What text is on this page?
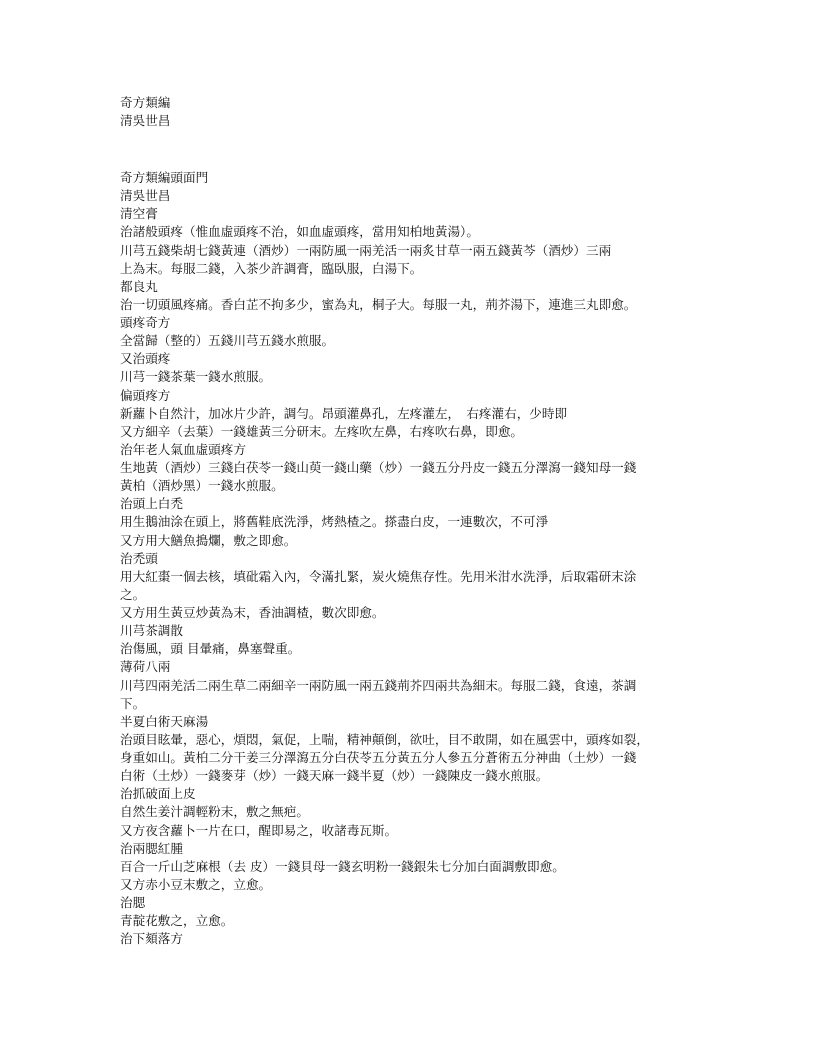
奇方類編
清吳世昌
奇方類編頭面門
清吳世昌
清空膏
治諸般頭疼（惟血虛頭疼不治，如血虛頭疼，當用知柏地黃湯）。
川芎五錢柴胡七錢黃連（酒炒）一兩防風一兩羌活一兩炙甘草一兩五錢黃芩（酒炒）三兩
上為末。每服二錢，入茶少許調膏，臨臥服，白湯下。
都良丸
治一切頭風疼痛。香白芷不拘多少，蜜為丸，桐子大。每服一丸，荊芥湯下，連進三丸即愈。
頭疼奇方
全當歸（整的）五錢川芎五錢水煎服。
又治頭疼
川芎一錢茶葉一錢水煎服。
偏頭疼方
新蘿卜自然汁，加冰片少許，調勻。昂頭灌鼻孔，左疼灌左，　右疼灌右，少時即
又方細辛（去葉）一錢雄黃三分研末。左疼吹左鼻，右疼吹右鼻，即愈。
治年老人氣血虛頭疼方
生地黃（酒炒）三錢白茯苓一錢山萸一錢山藥（炒）一錢五分丹皮一錢五分澤瀉一錢知母一錢
黃柏（酒炒黑）一錢水煎服。
治頭上白禿
用生鵝油涂在頭上，將舊鞋底洗淨，烤熱楂之。搽盡白皮，一連數次，不可淨
又方用大鱔魚搗爛，敷之即愈。
治禿頭
用大紅棗一個去核，填砒霜入內，令滿扎緊，炭火燒焦存性。先用米泔水洗淨，后取霜研末涂
之。
又方用生黃豆炒黃為末，香油調楂，數次即愈。
川芎茶調散
治傷風，頭 目暈痛，鼻塞聲重。
薄荷八兩
川芎四兩羌活二兩生草二兩細辛一兩防風一兩五錢荊芥四兩共為細末。每服二錢，食遠，茶調
下。
半夏白術天麻湯
治頭目眩暈，惡心，煩悶，氣促，上喘，精神顛倒，欲吐，目不敢開，如在風雲中，頭疼如裂，
身重如山。黃柏二分干姜三分澤瀉五分白茯苓五分黃五分人參五分蒼術五分神曲（土炒）一錢
白術（土炒）一錢麥芽（炒）一錢天麻一錢半夏（炒）一錢陳皮一錢水煎服。
治抓破面上皮
自然生姜汁調輕粉末，敷之無疤。
又方夜含蘿卜一片在口，醒即易之，收諸毒瓦斯。
治兩腮紅腫
百合一斤山芝麻根（去 皮）一錢貝母一錢玄明粉一錢銀朱七分加白面調敷即愈。
又方赤小豆末敷之，立愈。
治腮
青靛花敷之，立愈。
治下頦落方
